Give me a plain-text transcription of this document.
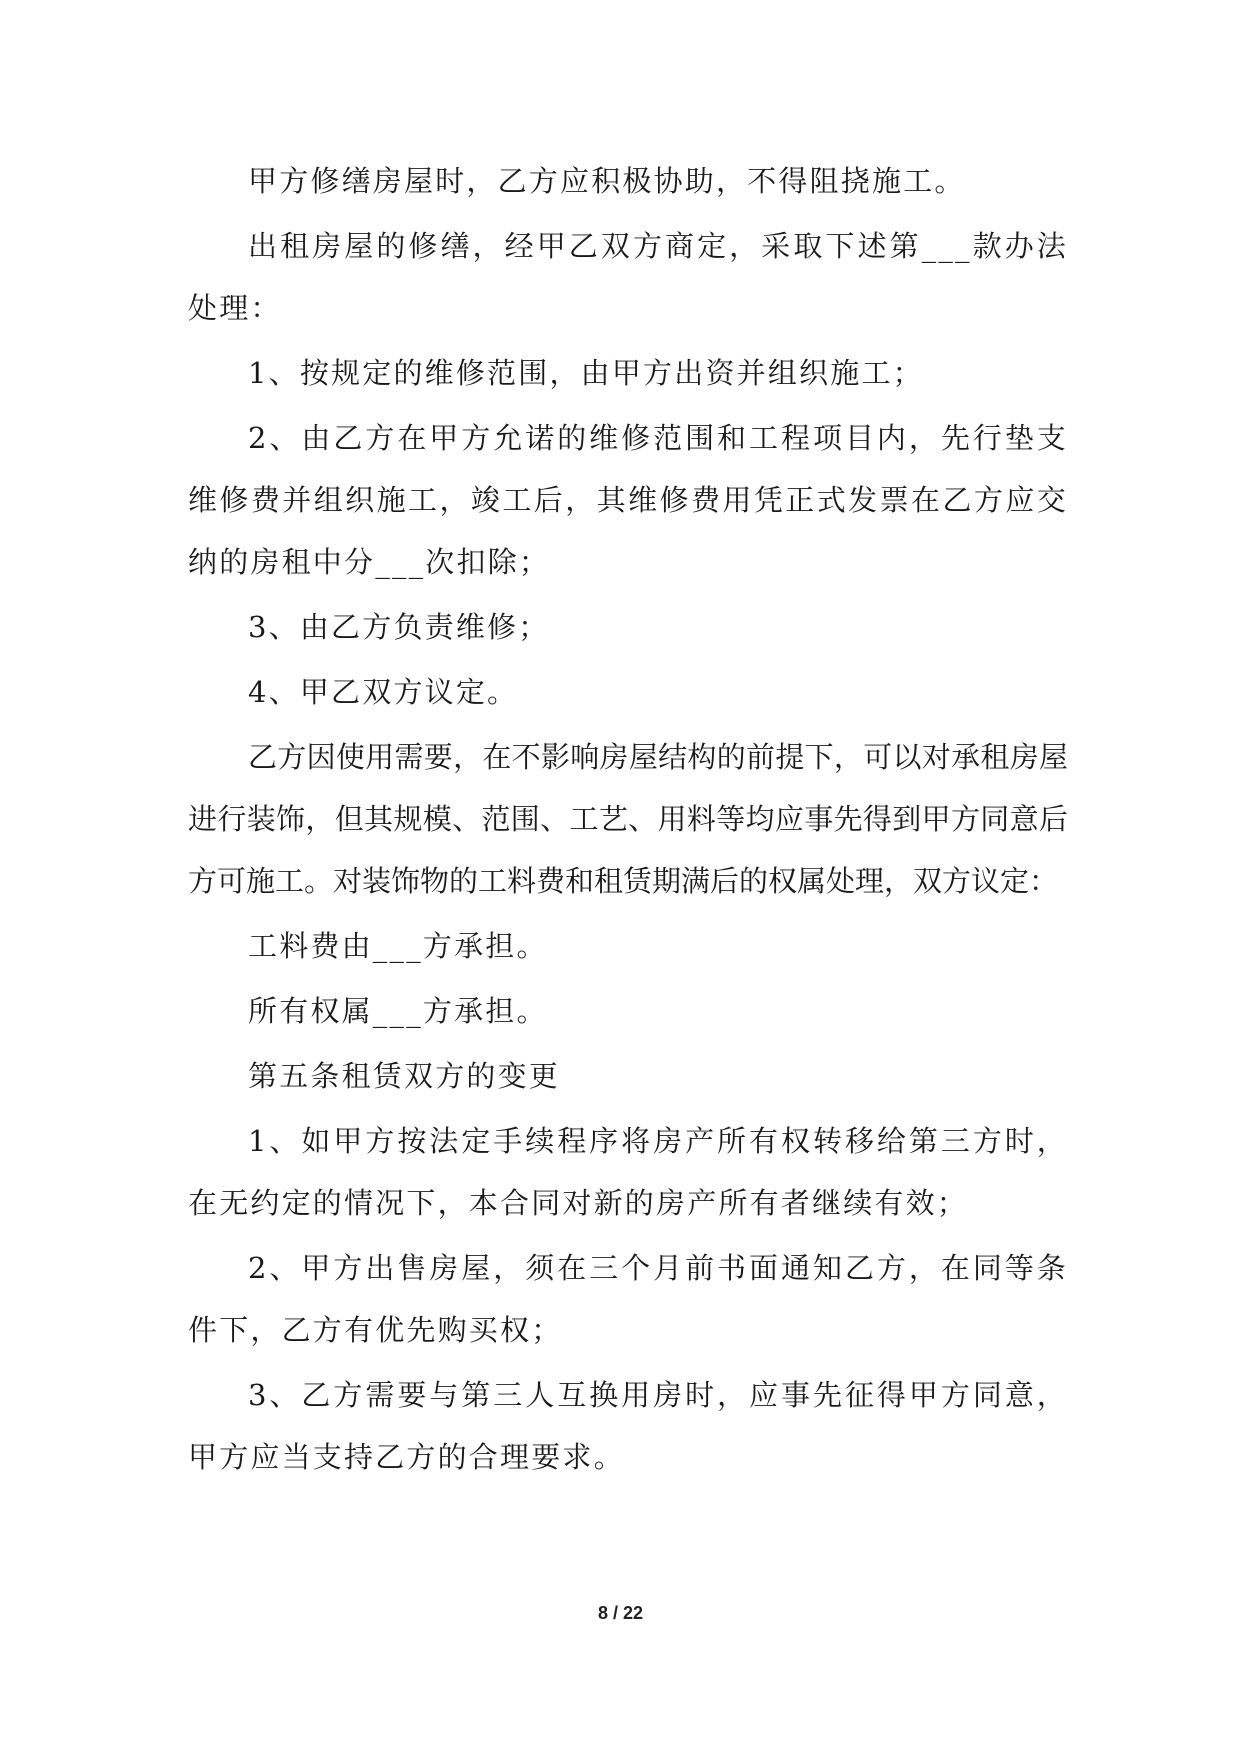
甲方修缮房屋时，乙方应积极协助，不得阻挠施工。

出租房屋的修缮，经甲乙双方商定，采取下述第___款办法处理：

1、按规定的维修范围，由甲方出资并组织施工；

2、由乙方在甲方允诺的维修范围和工程项目内，先行垫支维修费并组织施工，竣工后，其维修费用凭正式发票在乙方应交纳的房租中分___次扣除；

3、由乙方负责维修；

4、甲乙双方议定。

乙方因使用需要，在不影响房屋结构的前提下，可以对承租房屋进行装饰，但其规模、范围、工艺、用料等均应事先得到甲方同意后方可施工。对装饰物的工料费和租赁期满后的权属处理，双方议定：

工料费由___方承担。

所有权属___方承担。

第五条租赁双方的变更

1、如甲方按法定手续程序将房产所有权转移给第三方时，在无约定的情况下，本合同对新的房产所有者继续有效；

2、甲方出售房屋，须在三个月前书面通知乙方，在同等条件下，乙方有优先购买权；

3、乙方需要与第三人互换用房时，应事先征得甲方同意，甲方应当支持乙方的合理要求。

8 / 22
